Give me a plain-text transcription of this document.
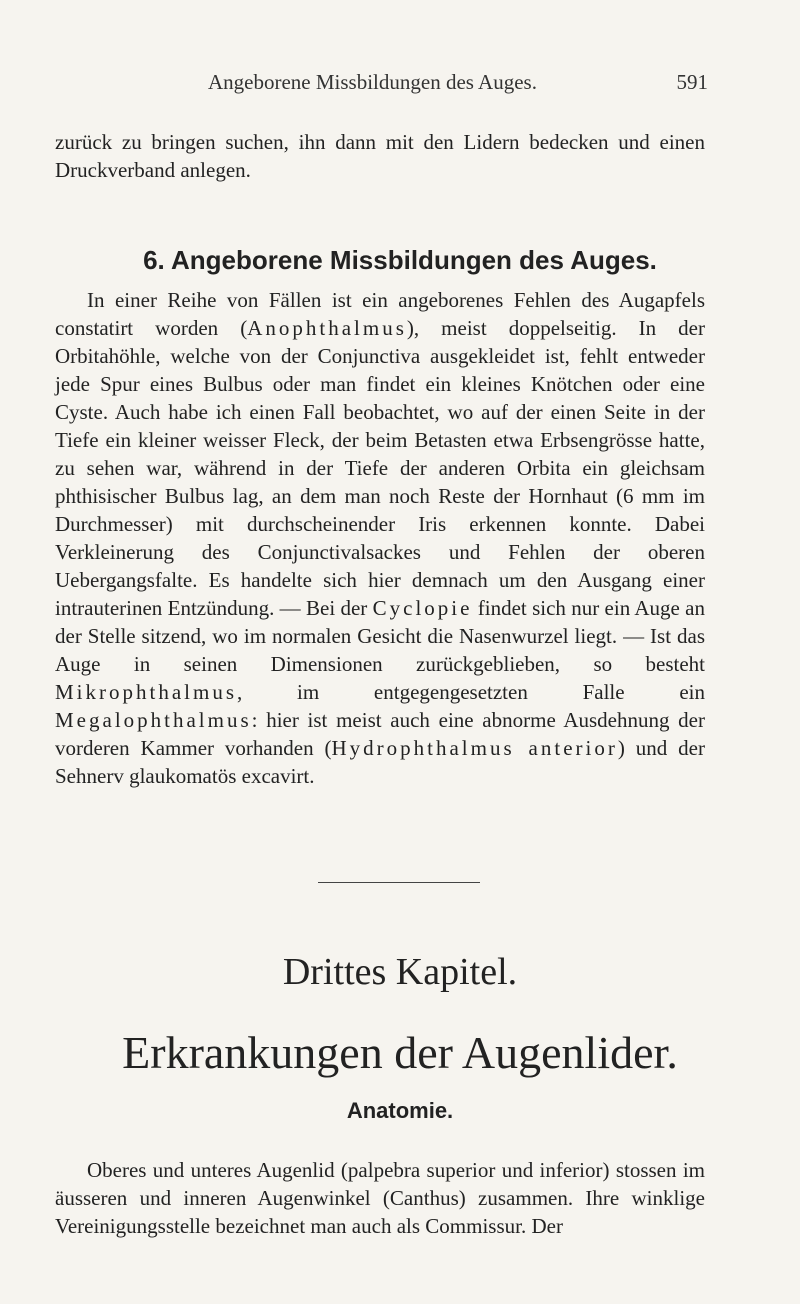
Angeborene Missbildungen des Auges.	591

zurück zu bringen suchen, ihn dann mit den Lidern bedecken und einen Druckverband anlegen.

6. Angeborene Missbildungen des Auges.

In einer Reihe von Fällen ist ein angeborenes Fehlen des Augapfels constatirt worden (Anophthalmus), meist doppelseitig. In der Orbitahöhle, welche von der Conjunctiva ausgekleidet ist, fehlt entweder jede Spur eines Bulbus oder man findet ein kleines Knötchen oder eine Cyste. Auch habe ich einen Fall beobachtet, wo auf der einen Seite in der Tiefe ein kleiner weisser Fleck, der beim Betasten etwa Erbsengrösse hatte, zu sehen war, während in der Tiefe der anderen Orbita ein gleichsam phthisischer Bulbus lag, an dem man noch Reste der Hornhaut (6 mm im Durchmesser) mit durchscheinender Iris erkennen konnte. Dabei Verkleinerung des Conjunctivalsackes und Fehlen der oberen Uebergangsfalte. Es handelte sich hier demnach um den Ausgang einer intrauterinen Entzündung. — Bei der Cyclopie findet sich nur ein Auge an der Stelle sitzend, wo im normalen Gesicht die Nasenwurzel liegt. — Ist das Auge in seinen Dimensionen zurückgeblieben, so besteht Mikrophthalmus, im entgegengesetzten Falle ein Megalophthalmus: hier ist meist auch eine abnorme Ausdehnung der vorderen Kammer vorhanden (Hydrophthalmus anterior) und der Sehnerv glaukomatös excavirt.

Drittes Kapitel.
Erkrankungen der Augenlider.
Anatomie.

Oberes und unteres Augenlid (palpebra superior und inferior) stossen im äusseren und inneren Augenwinkel (Canthus) zusammen. Ihre winklige Vereinigungsstelle bezeichnet man auch als Commissur. Der
